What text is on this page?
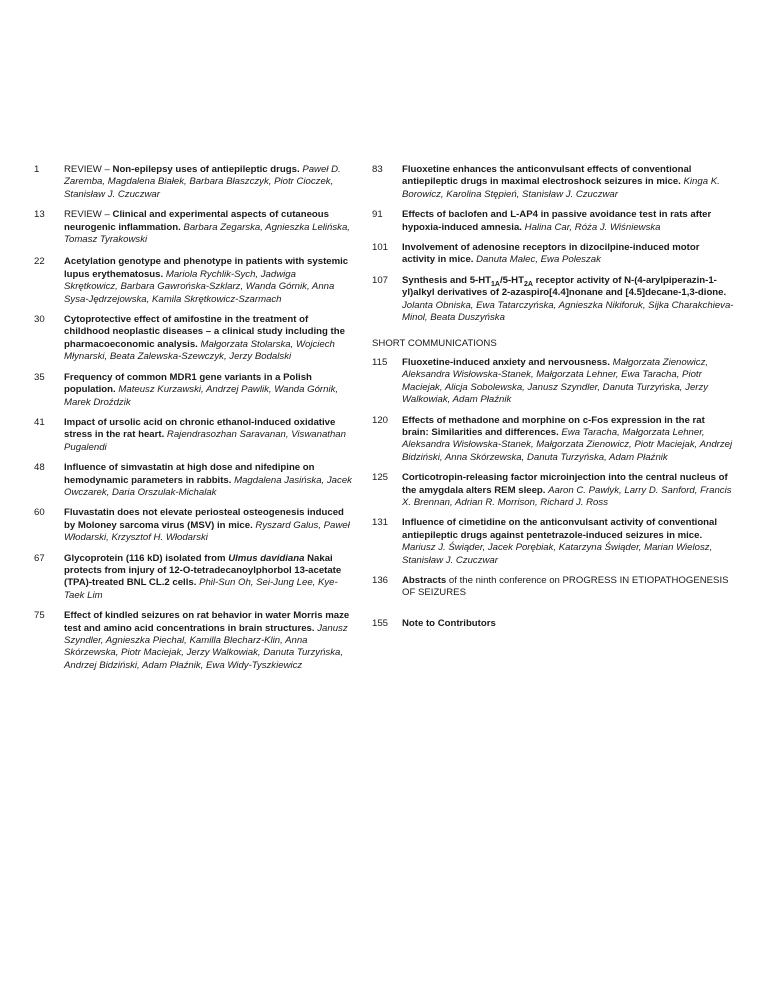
1	REVIEW – Non-epilepsy uses of antiepileptic drugs. Paweł D. Zaremba, Magdalena Białek, Barbara Błaszczyk, Piotr Cioczek, Stanisław J. Czuczwar
13	REVIEW – Clinical and experimental aspects of cutaneous neurogenic inflammation. Barbara Zegarska, Agnieszka Lelińska, Tomasz Tyrakowski
22	Acetylation genotype and phenotype in patients with systemic lupus erythematosus. Mariola Rychlik-Sych, Jadwiga Skrętkowicz, Barbara Gawrońska-Szklarz, Wanda Górnik, Anna Sysa-Jędrzejowska, Kamila Skrętkowicz-Szarmach
30	Cytoprotective effect of amifostine in the treatment of childhood neoplastic diseases – a clinical study including the pharmacoeconomic analysis. Małgorzata Stolarska, Wojciech Młynarski, Beata Zalewska-Szewczyk, Jerzy Bodalski
35	Frequency of common MDR1 gene variants in a Polish population. Mateusz Kurzawski, Andrzej Pawlik, Wanda Górnik, Marek Droździk
41	Impact of ursolic acid on chronic ethanol-induced oxidative stress in the rat heart. Rajendrasozhan Saravanan, Viswanathan Pugalendi
48	Influence of simvastatin at high dose and nifedipine on hemodynamic parameters in rabbits. Magdalena Jasińska, Jacek Owczarek, Daria Orszulak-Michalak
60	Fluvastatin does not elevate periosteal osteogenesis induced by Moloney sarcoma virus (MSV) in mice. Ryszard Galus, Paweł Włodarski, Krzysztof H. Włodarski
67	Glycoprotein (116 kD) isolated from Ulmus davidiana Nakai protects from injury of 12-O-tetradecanoylphorbol 13-acetate (TPA)-treated BNL CL.2 cells. Phil-Sun Oh, Sei-Jung Lee, Kye-Taek Lim
75	Effect of kindled seizures on rat behavior in water Morris maze test and amino acid concentrations in brain structures. Janusz Szyndler, Agnieszka Piechal, Kamilla Blecharz-Klin, Anna Skórzewska, Piotr Maciejak, Jerzy Walkowiak, Danuta Turzyńska, Andrzej Bidziński, Adam Płaźnik, Ewa Widy-Tyszkiewicz
83	Fluoxetine enhances the anticonvulsant effects of conventional antiepileptic drugs in maximal electroshock seizures in mice. Kinga K. Borowicz, Karolina Stępień, Stanisław J. Czuczwar
91	Effects of baclofen and L-AP4 in passive avoidance test in rats after hypoxia-induced amnesia. Halina Car, Róża J. Wiśniewska
101	Involvement of adenosine receptors in dizocilpine-induced motor activity in mice. Danuta Malec, Ewa Poleszak
107	Synthesis and $5-HT_{1A}/5-HT_{2A}$ receptor activity of N-(4-arylpiperazin-1-yl)alkyl derivatives of 2-azaspiro[4.4]nonane and [4.5]decane-1,3-dione. Jolanta Obniska, Ewa Tatarczyńska, Agnieszka Nikiforuk, Sijka Charakchieva-Minol, Beata Duszyńska
SHORT COMMUNICATIONS
115	Fluoxetine-induced anxiety and nervousness. Małgorzata Zienowicz, Aleksandra Wisłowska-Stanek, Małgorzata Lehner, Ewa Taracha, Piotr Maciejak, Alicja Sobolewska, Janusz Szyndler, Danuta Turzyńska, Jerzy Walkowiak, Adam Płaźnik
120	Effects of methadone and morphine on c-Fos expression in the rat brain: Similarities and differences. Ewa Taracha, Małgorzata Lehner, Aleksandra Wisłowska-Stanek, Małgorzata Zienowicz, Piotr Maciejak, Andrzej Bidziński, Anna Skórzewska, Danuta Turzyńska, Adam Płaźnik
125	Corticotropin-releasing factor microinjection into the central nucleus of the amygdala alters REM sleep. Aaron C. Pawlyk, Larry D. Sanford, Francis X. Brennan, Adrian R. Morrison, Richard J. Ross
131	Influence of cimetidine on the anticonvulsant activity of conventional antiepileptic drugs against pentetrazole-induced seizures in mice. Mariusz J. Świąder, Jacek Porębiak, Katarzyna Świąder, Marian Wielosz, Stanisław J. Czuczwar
136	Abstracts of the ninth conference on PROGRESS IN ETIOPATHOGENESIS OF SEIZURES
155	Note to Contributors
